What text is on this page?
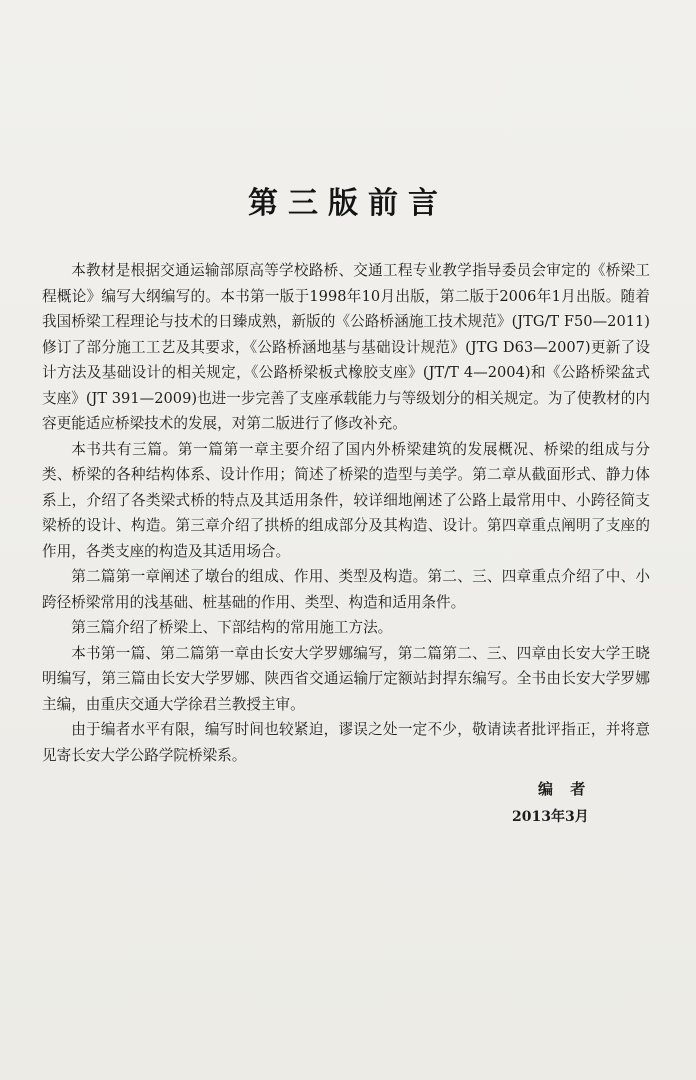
第三版前言

本教材是根据交通运输部原高等学校路桥、交通工程专业教学指导委员会审定的《桥梁工程概论》编写大纲编写的。本书第一版于1998年10月出版，第二版于2006年1月出版。随着我国桥梁工程理论与技术的日臻成熟，新版的《公路桥涵施工技术规范》(JTG/T F50—2011)修订了部分施工工艺及其要求，《公路桥涵地基与基础设计规范》(JTG D63—2007)更新了设计方法及基础设计的相关规定，《公路桥梁板式橡胶支座》(JT/T 4—2004)和《公路桥梁盆式支座》(JT 391—2009)也进一步完善了支座承载能力与等级划分的相关规定。为了使教材的内容更能适应桥梁技术的发展，对第二版进行了修改补充。

本书共有三篇。第一篇第一章主要介绍了国内外桥梁建筑的发展概况、桥梁的组成与分类、桥梁的各种结构体系、设计作用；简述了桥梁的造型与美学。第二章从截面形式、静力体系上，介绍了各类梁式桥的特点及其适用条件，较详细地阐述了公路上最常用中、小跨径简支梁桥的设计、构造。第三章介绍了拱桥的组成部分及其构造、设计。第四章重点阐明了支座的作用，各类支座的构造及其适用场合。

第二篇第一章阐述了墩台的组成、作用、类型及构造。第二、三、四章重点介绍了中、小跨径桥梁常用的浅基础、桩基础的作用、类型、构造和适用条件。

第三篇介绍了桥梁上、下部结构的常用施工方法。

本书第一篇、第二篇第一章由长安大学罗娜编写，第二篇第二、三、四章由长安大学王晓明编写，第三篇由长安大学罗娜、陕西省交通运输厅定额站封捍东编写。全书由长安大学罗娜主编，由重庆交通大学徐君兰教授主审。

由于编者水平有限，编写时间也较紧迫，谬误之处一定不少，敬请读者批评指正，并将意见寄长安大学公路学院桥梁系。

编 者
2013年3月
